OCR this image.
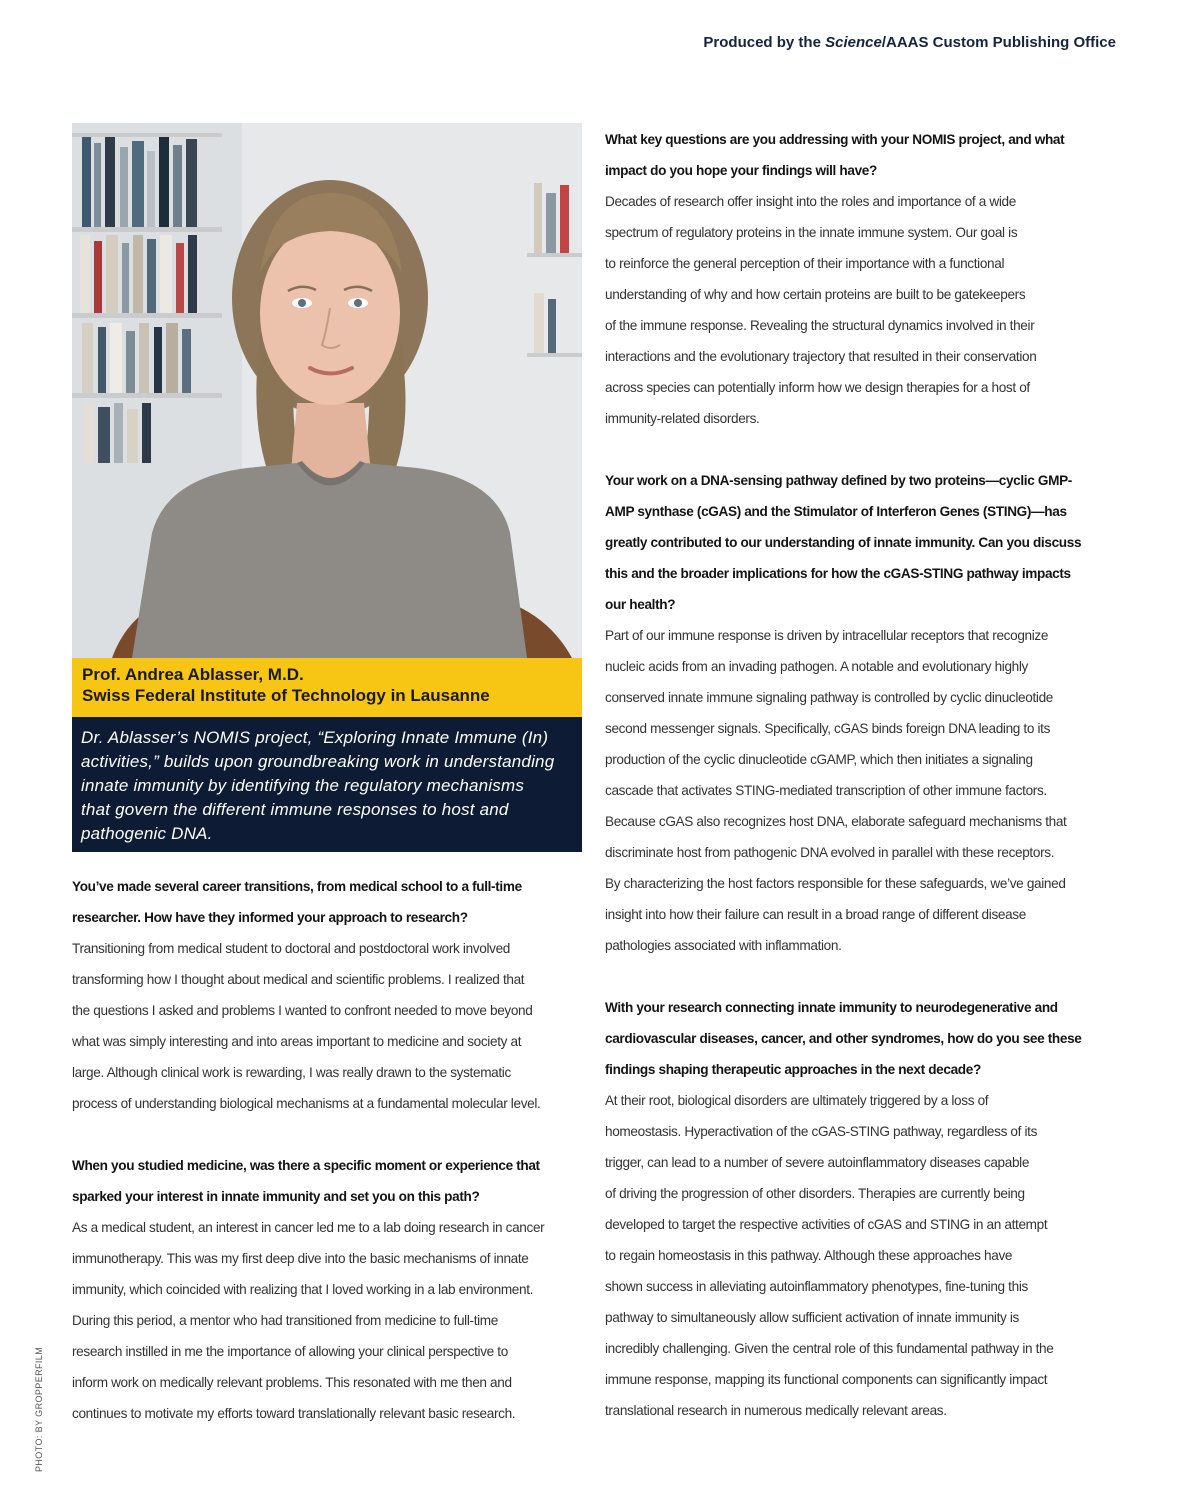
Produced by the Science/AAAS Custom Publishing Office
Prof. Andrea Ablasser, M.D.
Swiss Federal Institute of Technology in Lausanne
Dr. Ablasser’s NOMIS project, “Exploring Innate Immune (In)
activities,” builds upon groundbreaking work in understanding
innate immunity by identifying the regulatory mechanisms
that govern the different immune responses to host and
pathogenic DNA.

You’ve made several career transitions, from medical school to a full-time

researcher. How have they informed your approach to research?

Transitioning from medical student to doctoral and postdoctoral work involved

transforming how I thought about medical and scientific problems. I realized that

the questions I asked and problems I wanted to confront needed to move beyond

what was simply interesting and into areas important to medicine and society at

large. Although clinical work is rewarding, I was really drawn to the systematic

process of understanding biological mechanisms at a fundamental molecular level.

When you studied medicine, was there a specific moment or experience that

sparked your interest in innate immunity and set you on this path?

As a medical student, an interest in cancer led me to a lab doing research in cancer

immunotherapy. This was my first deep dive into the basic mechanisms of innate

immunity, which coincided with realizing that I loved working in a lab environment.

During this period, a mentor who had transitioned from medicine to full-time

research instilled in me the importance of allowing your clinical perspective to

inform work on medically relevant problems. This resonated with me then and

continues to motivate my efforts toward translationally relevant basic research.

What key questions are you addressing with your NOMIS project, and what

impact do you hope your findings will have?

Decades of research offer insight into the roles and importance of a wide

spectrum of regulatory proteins in the innate immune system. Our goal is

to reinforce the general perception of their importance with a functional

understanding of why and how certain proteins are built to be gatekeepers

of the immune response. Revealing the structural dynamics involved in their

interactions and the evolutionary trajectory that resulted in their conservation

across species can potentially inform how we design therapies for a host of

immunity-related disorders.

Your work on a DNA-sensing pathway defined by two proteins—cyclic GMP-

AMP synthase (cGAS) and the Stimulator of Interferon Genes (STING)—has

greatly contributed to our understanding of innate immunity. Can you discuss

this and the broader implications for how the cGAS-STING pathway impacts

our health?

Part of our immune response is driven by intracellular receptors that recognize

nucleic acids from an invading pathogen. A notable and evolutionary highly

conserved innate immune signaling pathway is controlled by cyclic dinucleotide

second messenger signals. Specifically, cGAS binds foreign DNA leading to its

production of the cyclic dinucleotide cGAMP, which then initiates a signaling

cascade that activates STING-mediated transcription of other immune factors.

Because cGAS also recognizes host DNA, elaborate safeguard mechanisms that

discriminate host from pathogenic DNA evolved in parallel with these receptors.

By characterizing the host factors responsible for these safeguards, we’ve gained

insight into how their failure can result in a broad range of different disease

pathologies associated with inflammation.

With your research connecting innate immunity to neurodegenerative and

cardiovascular diseases, cancer, and other syndromes, how do you see these

findings shaping therapeutic approaches in the next decade?

At their root, biological disorders are ultimately triggered by a loss of

homeostasis. Hyperactivation of the cGAS-STING pathway, regardless of its

trigger, can lead to a number of severe autoinflammatory diseases capable

of driving the progression of other disorders. Therapies are currently being

developed to target the respective activities of cGAS and STING in an attempt

to regain homeostasis in this pathway. Although these approaches have

shown success in alleviating autoinflammatory phenotypes, fine-tuning this

pathway to simultaneously allow sufficient activation of innate immunity is

incredibly challenging. Given the central role of this fundamental pathway in the

immune response, mapping its functional components can significantly impact

translational research in numerous medically relevant areas.

PHOTO: BY GROPPERFILM
